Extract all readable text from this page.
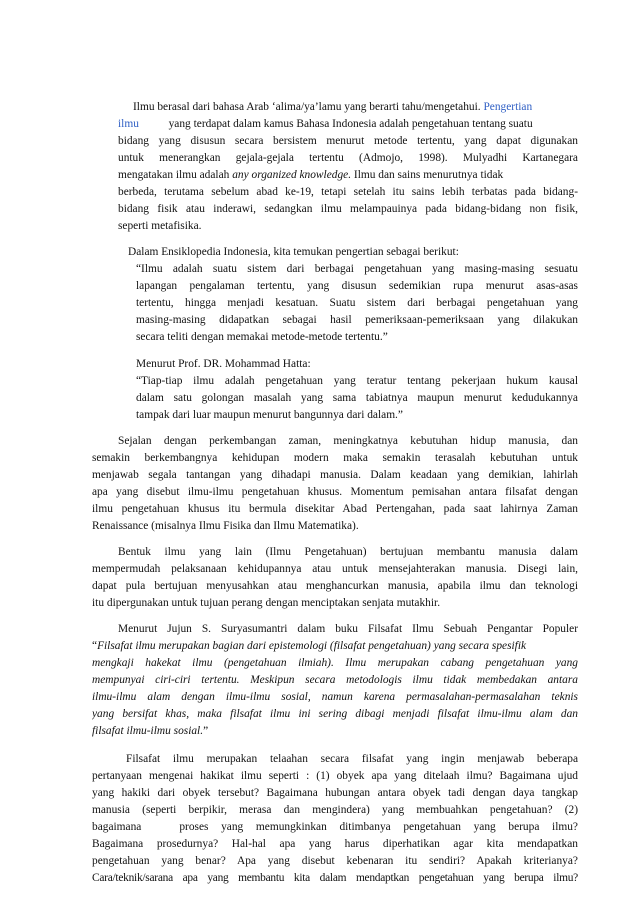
Ilmu berasal dari bahasa Arab ‘alima/ya’lamu yang berarti tahu/mengetahui. Pengertian
ilmu	yang terdapat dalam kamus Bahasa Indonesia adalah pengetahuan tentang suatu
bidang yang disusun secara bersistem menurut metode tertentu, yang dapat digunakan
untuk menerangkan gejala-gejala tertentu (Admojo, 1998). Mulyadhi Kartanegara
mengatakan ilmu adalah any organized knowledge. Ilmu dan sains menurutnya tidak
berbeda, terutama sebelum abad ke-19, tetapi setelah itu sains lebih terbatas pada bidang-
bidang fisik atau inderawi, sedangkan ilmu melampauinya pada bidang-bidang non fisik,
seperti metafisika.
Dalam Ensiklopedia Indonesia, kita temukan pengertian sebagai berikut:
“Ilmu adalah suatu sistem dari berbagai pengetahuan yang masing-masing sesuatu
lapangan pengalaman tertentu, yang disusun sedemikian rupa menurut asas-asas
tertentu, hingga menjadi kesatuan. Suatu sistem dari berbagai pengetahuan yang
masing-masing didapatkan sebagai hasil pemeriksaan-pemeriksaan yang dilakukan
secara teliti dengan memakai metode-metode tertentu.”
Menurut Prof. DR. Mohammad Hatta:
“Tiap-tiap ilmu adalah pengetahuan yang teratur tentang pekerjaan hukum kausal
dalam satu golongan masalah yang sama tabiatnya maupun menurut kedudukannya
tampak dari luar maupun menurut bangunnya dari dalam.”
Sejalan dengan perkembangan zaman, meningkatnya kebutuhan hidup manusia, dan
semakin berkembangnya kehidupan modern maka semakin terasalah kebutuhan untuk
menjawab segala tantangan yang dihadapi manusia. Dalam keadaan yang demikian, lahirlah
apa yang disebut ilmu-ilmu pengetahuan khusus. Momentum pemisahan antara filsafat dengan
ilmu pengetahuan khusus itu bermula disekitar Abad Pertengahan, pada saat lahirnya Zaman
Renaissance (misalnya Ilmu Fisika dan Ilmu Matematika).
Bentuk ilmu yang lain (Ilmu Pengetahuan) bertujuan membantu manusia dalam
mempermudah pelaksanaan kehidupannya atau untuk mensejahterakan manusia. Disegi lain,
dapat pula bertujuan menyusahkan atau menghancurkan manusia, apabila ilmu dan teknologi
itu dipergunakan untuk tujuan perang dengan menciptakan senjata mutakhir.
Menurut Jujun S. Suryasumantri dalam buku Filsafat Ilmu Sebuah Pengantar Populer
“Filsafat ilmu merupakan bagian dari epistemologi (filsafat pengetahuan) yang secara spesifik
mengkaji hakekat ilmu (pengetahuan ilmiah). Ilmu merupakan cabang pengetahuan yang
mempunyai ciri-ciri tertentu. Meskipun secara metodologis ilmu tidak membedakan antara
ilmu-ilmu alam dengan ilmu-ilmu sosial, namun karena permasalahan-permasalahan teknis
yang bersifat khas, maka filsafat ilmu ini sering dibagi menjadi filsafat ilmu-ilmu alam dan
filsafat ilmu-ilmu sosial.”
Filsafat ilmu merupakan telaahan secara filsafat yang ingin menjawab beberapa
pertanyaan mengenai hakikat ilmu seperti : (1) obyek apa yang ditelaah ilmu? Bagaimana ujud
yang hakiki dari obyek tersebut? Bagaimana hubungan antara obyek tadi dengan daya tangkap
manusia (seperti berpikir, merasa dan mengindera) yang membuahkan pengetahuan? (2)
bagaimana   proses yang memungkinkan ditimbanya pengetahuan yang berupa ilmu?
Bagaimana prosedurnya? Hal-hal apa yang harus diperhatikan agar kita mendapatkan
pengetahuan yang benar? Apa yang disebut kebenaran itu sendiri? Apakah kriterianya?
Cara/teknik/sarana apa yang membantu kita dalam mendaptkan pengetahuan yang berupa ilmu?
